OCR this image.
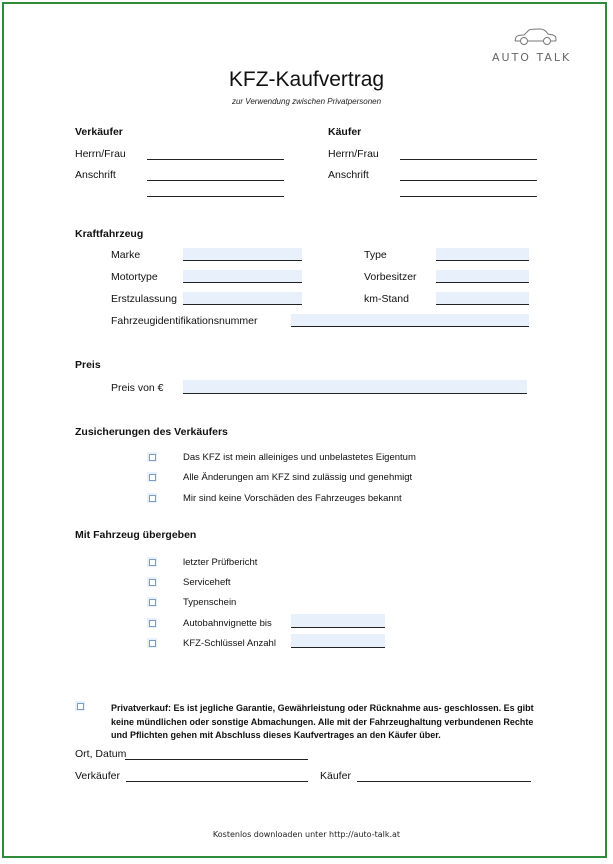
AUTO TALK
KFZ-Kaufvertrag
zur Verwendung zwischen Privatpersonen
Verkäufer
Herrn/Frau
Anschrift
Käufer
Herrn/Frau
Anschrift
Kraftfahrzeug
Marke	Type
Motortype	Vorbesitzer
Erstzulassung	km-Stand
Fahrzeugidentifikationsnummer
Preis
Preis von €
Zusicherungen des Verkäufers
Das KFZ ist mein alleiniges und unbelastetes Eigentum
Alle Änderungen am KFZ sind zulässig und genehmigt
Mir sind keine Vorschäden des Fahrzeuges bekannt
Mit Fahrzeug übergeben
letzter Prüfbericht
Serviceheft
Typenschein
Autobahnvignette bis
KFZ-Schlüssel Anzahl
Privatverkauf: Es ist jegliche Garantie, Gewährleistung oder Rücknahme aus- geschlossen. Es gibt keine mündlichen oder sonstige Abmachungen. Alle mit der Fahrzeughaltung verbundenen Rechte und Pflichten gehen mit Abschluss dieses Kaufvertrages an den Käufer über.
Ort, Datum
Verkäufer	Käufer
Kostenlos downloaden unter http://auto-talk.at
